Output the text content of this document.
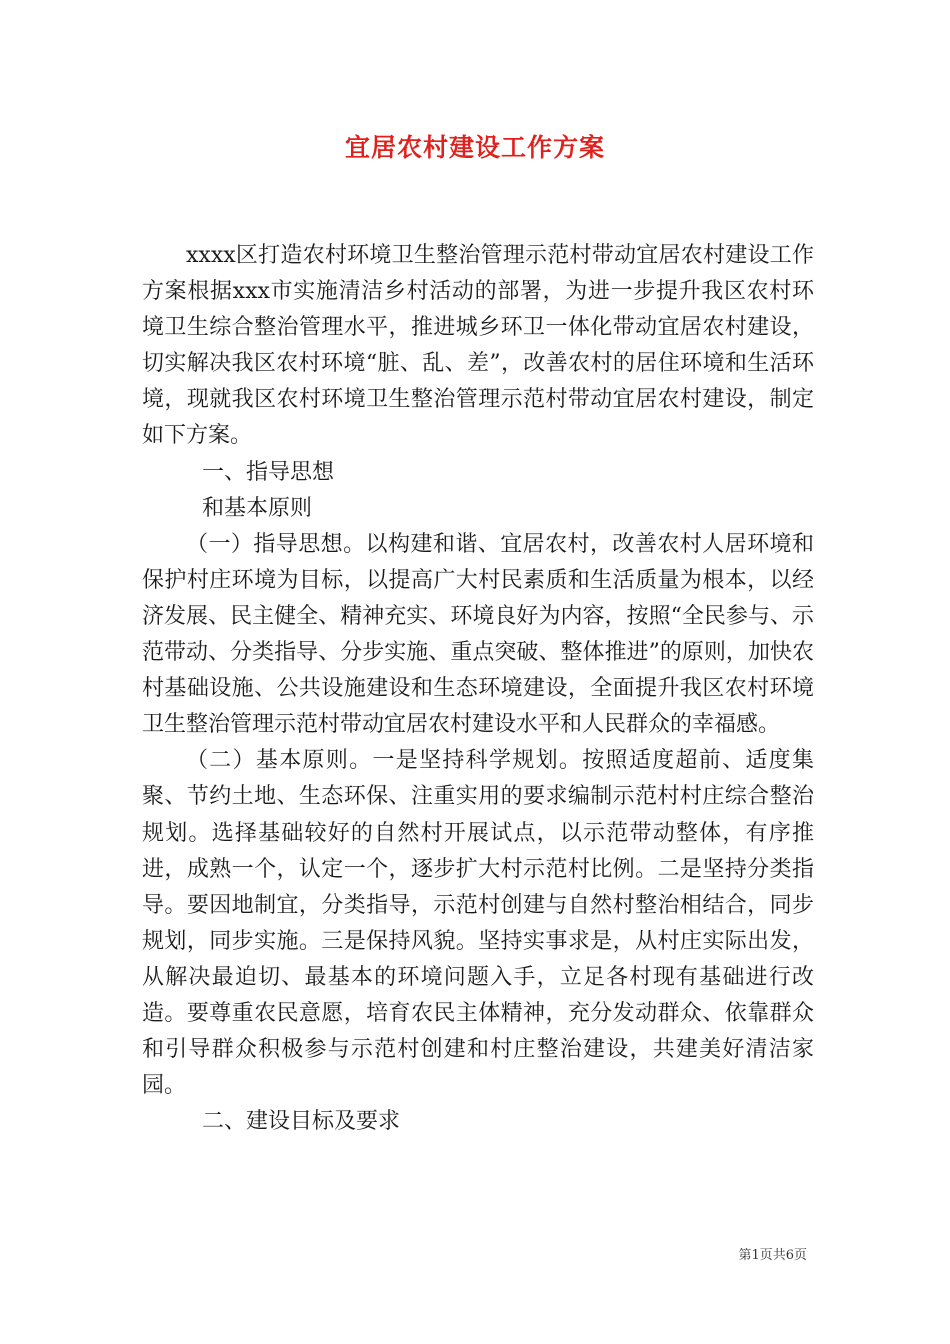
宜居农村建设工作方案

xxxx区打造农村环境卫生整治管理示范村带动宜居农村建设工作方案根据xxx市实施清洁乡村活动的部署，为进一步提升我区农村环境卫生综合整治管理水平，推进城乡环卫一体化带动宜居农村建设，切实解决我区农村环境“脏、乱、差”，改善农村的居住环境和生活环境，现就我区农村环境卫生整治管理示范村带动宜居农村建设，制定如下方案。

一、指导思想

和基本原则

（一）指导思想。以构建和谐、宜居农村，改善农村人居环境和保护村庄环境为目标，以提高广大村民素质和生活质量为根本，以经济发展、民主健全、精神充实、环境良好为内容，按照“全民参与、示范带动、分类指导、分步实施、重点突破、整体推进”的原则，加快农村基础设施、公共设施建设和生态环境建设，全面提升我区农村环境卫生整治管理示范村带动宜居农村建设水平和人民群众的幸福感。

（二）基本原则。一是坚持科学规划。按照适度超前、适度集聚、节约土地、生态环保、注重实用的要求编制示范村村庄综合整治规划。选择基础较好的自然村开展试点，以示范带动整体，有序推进，成熟一个，认定一个，逐步扩大村示范村比例。二是坚持分类指导。要因地制宜，分类指导，示范村创建与自然村整治相结合，同步规划，同步实施。三是保持风貌。坚持实事求是，从村庄实际出发，从解决最迫切、最基本的环境问题入手，立足各村现有基础进行改造。要尊重农民意愿，培育农民主体精神，充分发动群众、依靠群众和引导群众积极参与示范村创建和村庄整治建设，共建美好清洁家园。

二、建设目标及要求

第1页共6页
